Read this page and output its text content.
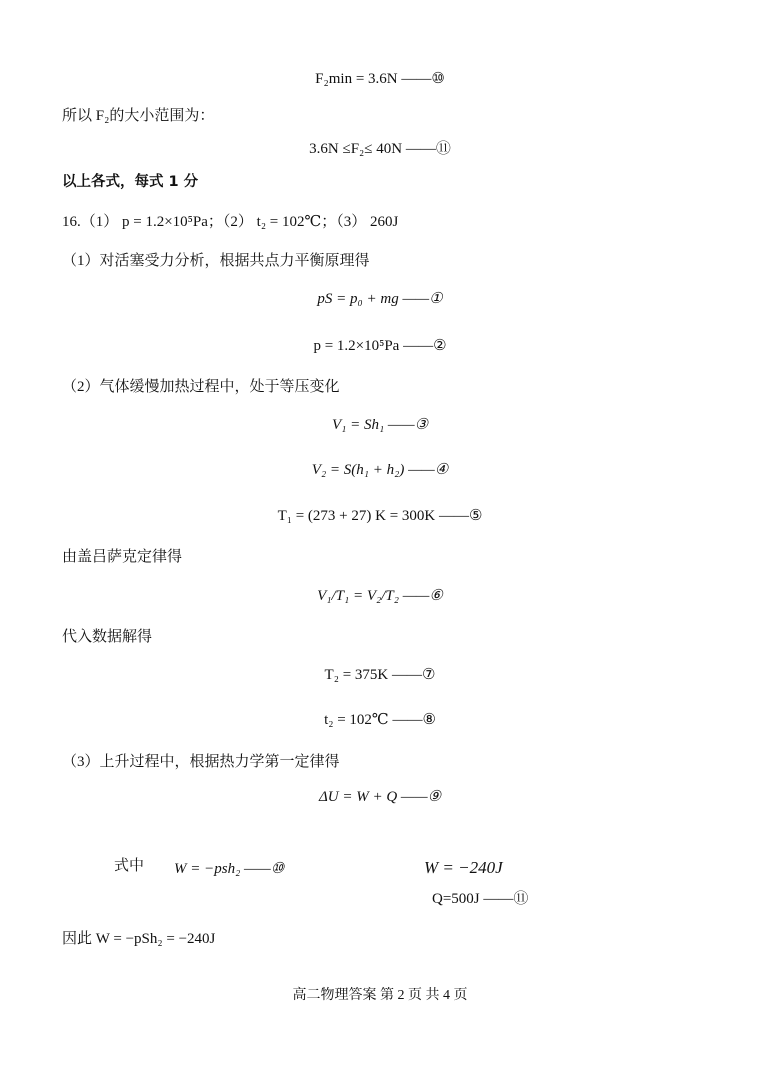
F₂min = 3.6N ——⑩
所以 F₂的大小范围为：
3.6N ≤F₂≤ 40N ——⑪
以上各式，每式 1 分
16.（1） p = 1.2×10⁵Pa；（2） t₂ = 102℃；（3） 260J
（1）对活塞受力分析，根据共点力平衡原理得
pS = p₀ + mg ——①
p = 1.2×10⁵Pa ——②
（2）气体缓慢加热过程中，处于等压变化
V₁ = Sh₁ ——③
V₂ = S(h₁ + h₂) ——④
T₁ = (273 + 27) K = 300K ——⑤
由盖吕萨克定律得
V₁/T₁ = V₂/T₂ ——⑥
代入数据解得
T₂ = 375K ——⑦
t₂ = 102℃ ——⑧
（3）上升过程中，根据热力学第一定律得
ΔU = W + Q ——⑨
式中 W = −psh₂ ——⑩	W = −240J
Q=500J ——⑪
因此 W = −pSh₂ = −240J
高二物理答案 第 2 页 共 4 页
